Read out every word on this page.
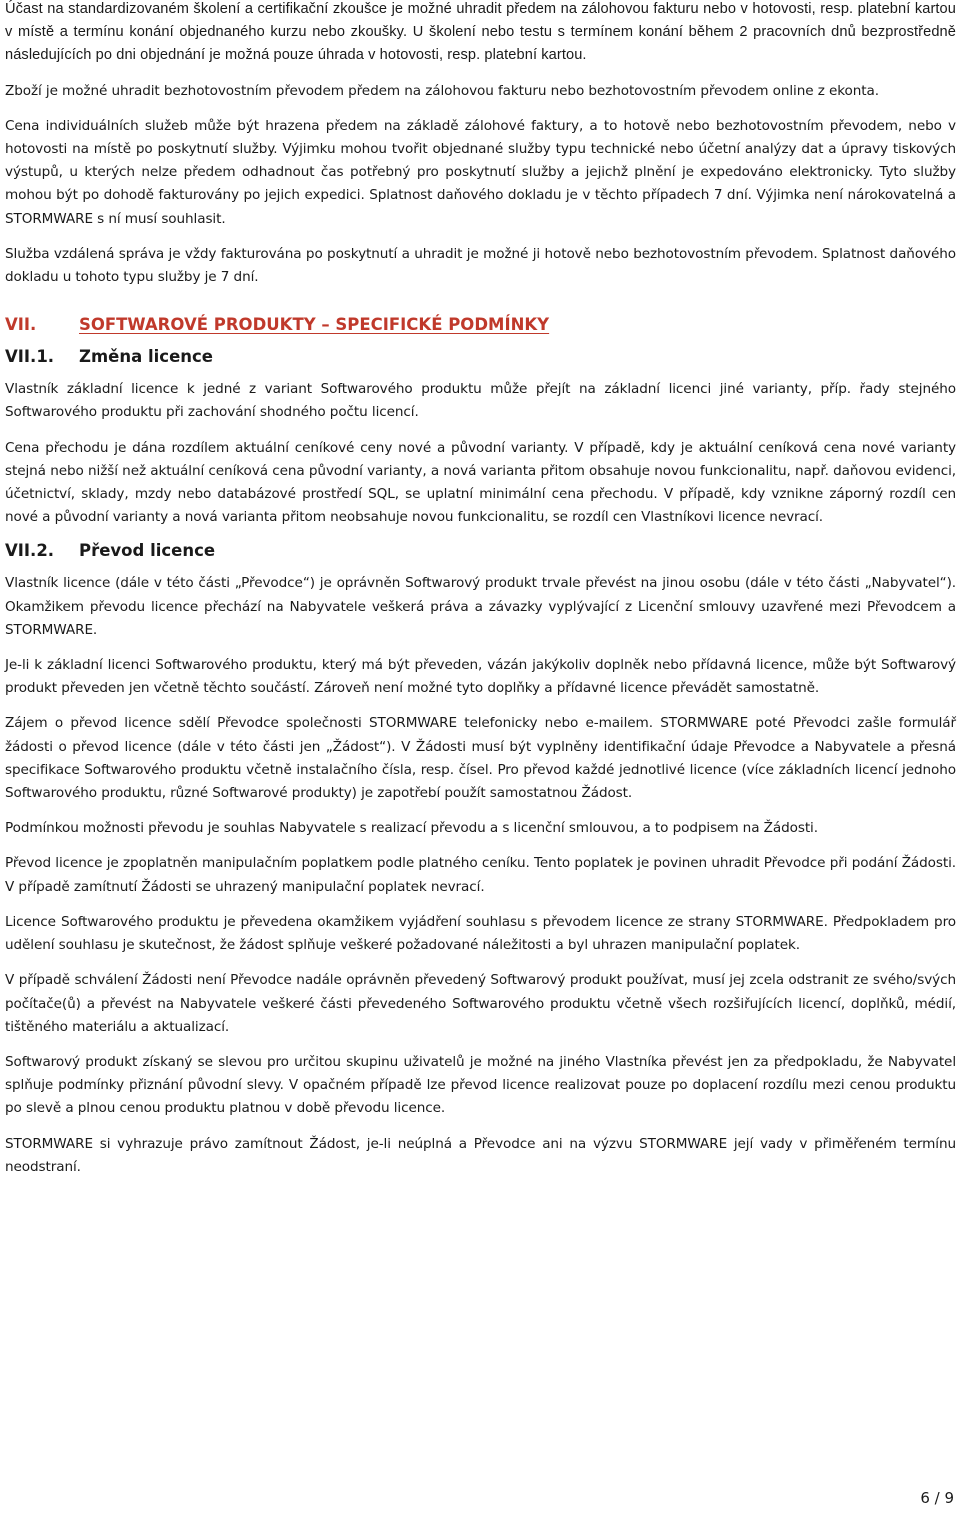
Účast na standardizovaném školení a certifikační zkoušce je možné uhradit předem na zálohovou fakturu nebo v hotovosti, resp. platební kartou v místě a termínu konání objednaného kurzu nebo zkoušky. U školení nebo testu s termínem konání během 2 pracovních dnů bezprostředně následujících po dni objednání je možná pouze úhrada v hotovosti, resp. platební kartou.

Zboží je možné uhradit bezhotovostním převodem předem na zálohovou fakturu nebo bezhotovostním převodem online z ekonta.

Cena individuálních služeb může být hrazena předem na základě zálohové faktury, a to hotově nebo bezhotovostním převodem, nebo v hotovosti na místě po poskytnutí služby. Výjimku mohou tvořit objednané služby typu technické nebo účetní analýzy dat a úpravy tiskových výstupů, u kterých nelze předem odhadnout čas potřebný pro poskytnutí služby a jejichž plnění je expedováno elektronicky. Tyto služby mohou být po dohodě fakturovány po jejich expedici. Splatnost daňového dokladu je v těchto případech 7 dní. Výjimka není nárokovatelná a STORMWARE s ní musí souhlasit.

Služba vzdálená správa je vždy fakturována po poskytnutí a uhradit je možné ji hotově nebo bezhotovostním převodem. Splatnost daňového dokladu u tohoto typu služby je 7 dní.

VII.	SOFTWAROVÉ PRODUKTY – SPECIFICKÉ PODMÍNKY
VII.1.	Změna licence

Vlastník základní licence k jedné z variant Softwarového produktu může přejít na základní licenci jiné varianty, příp. řady stejného Softwarového produktu při zachování shodného počtu licencí.

Cena přechodu je dána rozdílem aktuální ceníkové ceny nové a původní varianty. V případě, kdy je aktuální ceníková cena nové varianty stejná nebo nižší než aktuální ceníková cena původní varianty, a nová varianta přitom obsahuje novou funkcionalitu, např. daňovou evidenci, účetnictví, sklady, mzdy nebo databázové prostředí SQL, se uplatní minimální cena přechodu. V případě, kdy vznikne záporný rozdíl cen nové a původní varianty a nová varianta přitom neobsahuje novou funkcionalitu, se rozdíl cen Vlastníkovi licence nevrací.

VII.2.	Převod licence

Vlastník licence (dále v této části „Převodce“) je oprávněn Softwarový produkt trvale převést na jinou osobu (dále v této části „Nabyvatel“). Okamžikem převodu licence přechází na Nabyvatele veškerá práva a závazky vyplývající z Licenční smlouvy uzavřené mezi Převodcem a STORMWARE.

Je-li k základní licenci Softwarového produktu, který má být převeden, vázán jakýkoliv doplněk nebo přídavná licence, může být Softwarový produkt převeden jen včetně těchto součástí. Zároveň není možné tyto doplňky a přídavné licence převádět samostatně.

Zájem o převod licence sdělí Převodce společnosti STORMWARE telefonicky nebo e-mailem. STORMWARE poté Převodci zašle formulář žádosti o převod licence (dále v této části jen „Žádost“). V Žádosti musí být vyplněny identifikační údaje Převodce a Nabyvatele a přesná specifikace Softwarového produktu včetně instalačního čísla, resp. čísel. Pro převod každé jednotlivé licence (více základních licencí jednoho Softwarového produktu, různé Softwarové produkty) je zapotřebí použít samostatnou Žádost.

Podmínkou možnosti převodu je souhlas Nabyvatele s realizací převodu a s licenční smlouvou, a to podpisem na Žádosti.

Převod licence je zpoplatněn manipulačním poplatkem podle platného ceníku. Tento poplatek je povinen uhradit Převodce při podání Žádosti. V případě zamítnutí Žádosti se uhrazený manipulační poplatek nevrací.

Licence Softwarového produktu je převedena okamžikem vyjádření souhlasu s převodem licence ze strany STORMWARE. Předpokladem pro udělení souhlasu je skutečnost, že žádost splňuje veškeré požadované náležitosti a byl uhrazen manipulační poplatek.

V případě schválení Žádosti není Převodce nadále oprávněn převedený Softwarový produkt používat, musí jej zcela odstranit ze svého/svých počítače(ů) a převést na Nabyvatele veškeré části převedeného Softwarového produktu včetně všech rozšiřujících licencí, doplňků, médií, tištěného materiálu a aktualizací.

Softwarový produkt získaný se slevou pro určitou skupinu uživatelů je možné na jiného Vlastníka převést jen za předpokladu, že Nabyvatel splňuje podmínky přiznání původní slevy. V opačném případě lze převod licence realizovat pouze po doplacení rozdílu mezi cenou produktu po slevě a plnou cenou produktu platnou v době převodu licence.

STORMWARE si vyhrazuje právo zamítnout Žádost, je-li neúplná a Převodce ani na výzvu STORMWARE její vady v přiměřeném termínu neodstraní.

6 / 9
